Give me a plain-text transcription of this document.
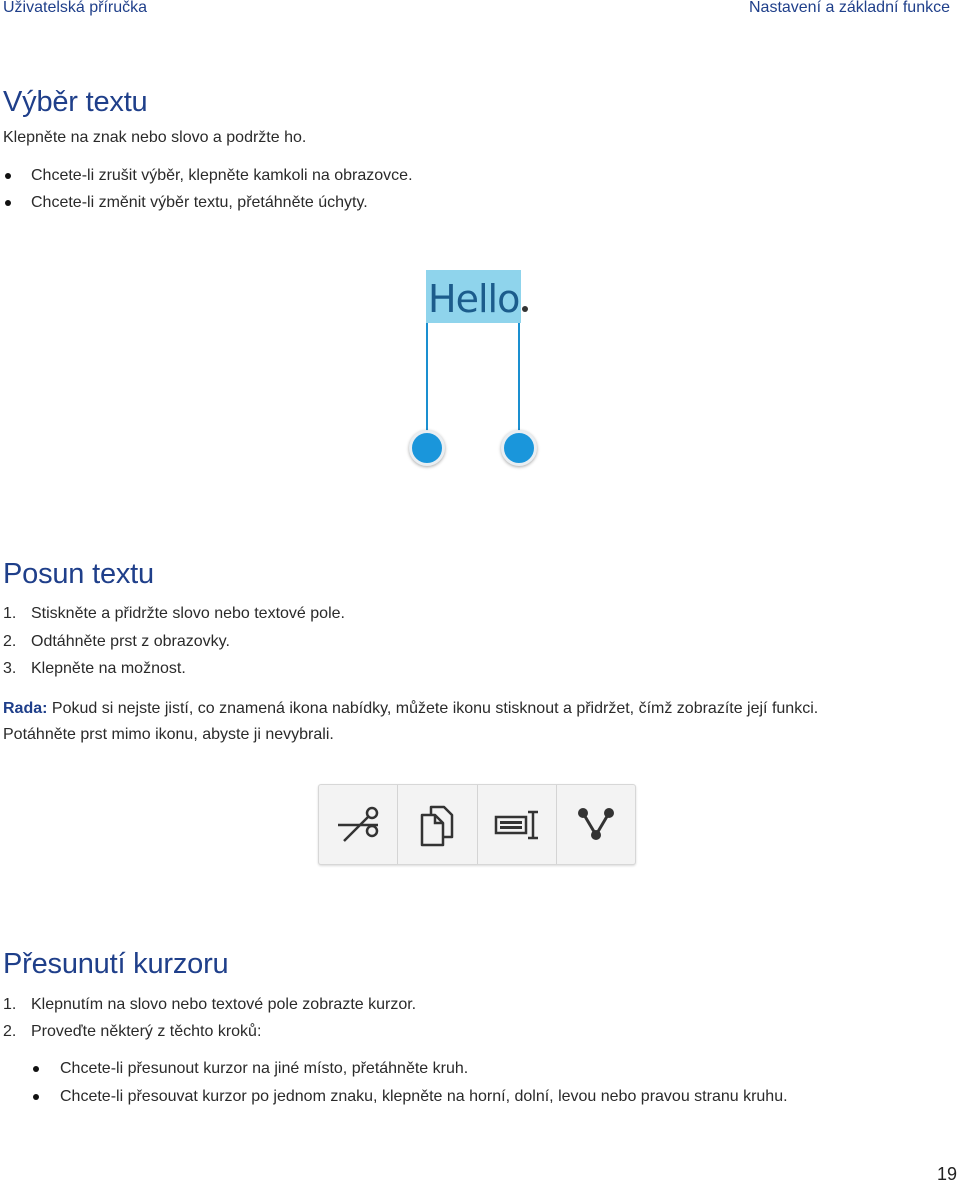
Uživatelská příručka	Nastavení a základní funkce
Výběr textu

Klepněte na znak nebo slovo a podržte ho.

Chcete-li zrušit výběr, klepněte kamkoli na obrazovce.

Chcete-li změnit výběr textu, přetáhněte úchyty.

Hello
Posun textu
1. Stiskněte a přidržte slovo nebo textové pole.

2. Odtáhněte prst z obrazovky.

3. Klepněte na možnost.

Rada: Pokud si nejste jistí, co znamená ikona nabídky, můžete ikonu stisknout a přidržet, čímž zobrazíte její funkci.

Potáhněte prst mimo ikonu, abyste ji nevybrali.

Přesunutí kurzoru
1. Klepnutím na slovo nebo textové pole zobrazte kurzor.

2. Proveďte některý z těchto kroků:

Chcete-li přesunout kurzor na jiné místo, přetáhněte kruh.

Chcete-li přesouvat kurzor po jednom znaku, klepněte na horní, dolní, levou nebo pravou stranu kruhu.

19
